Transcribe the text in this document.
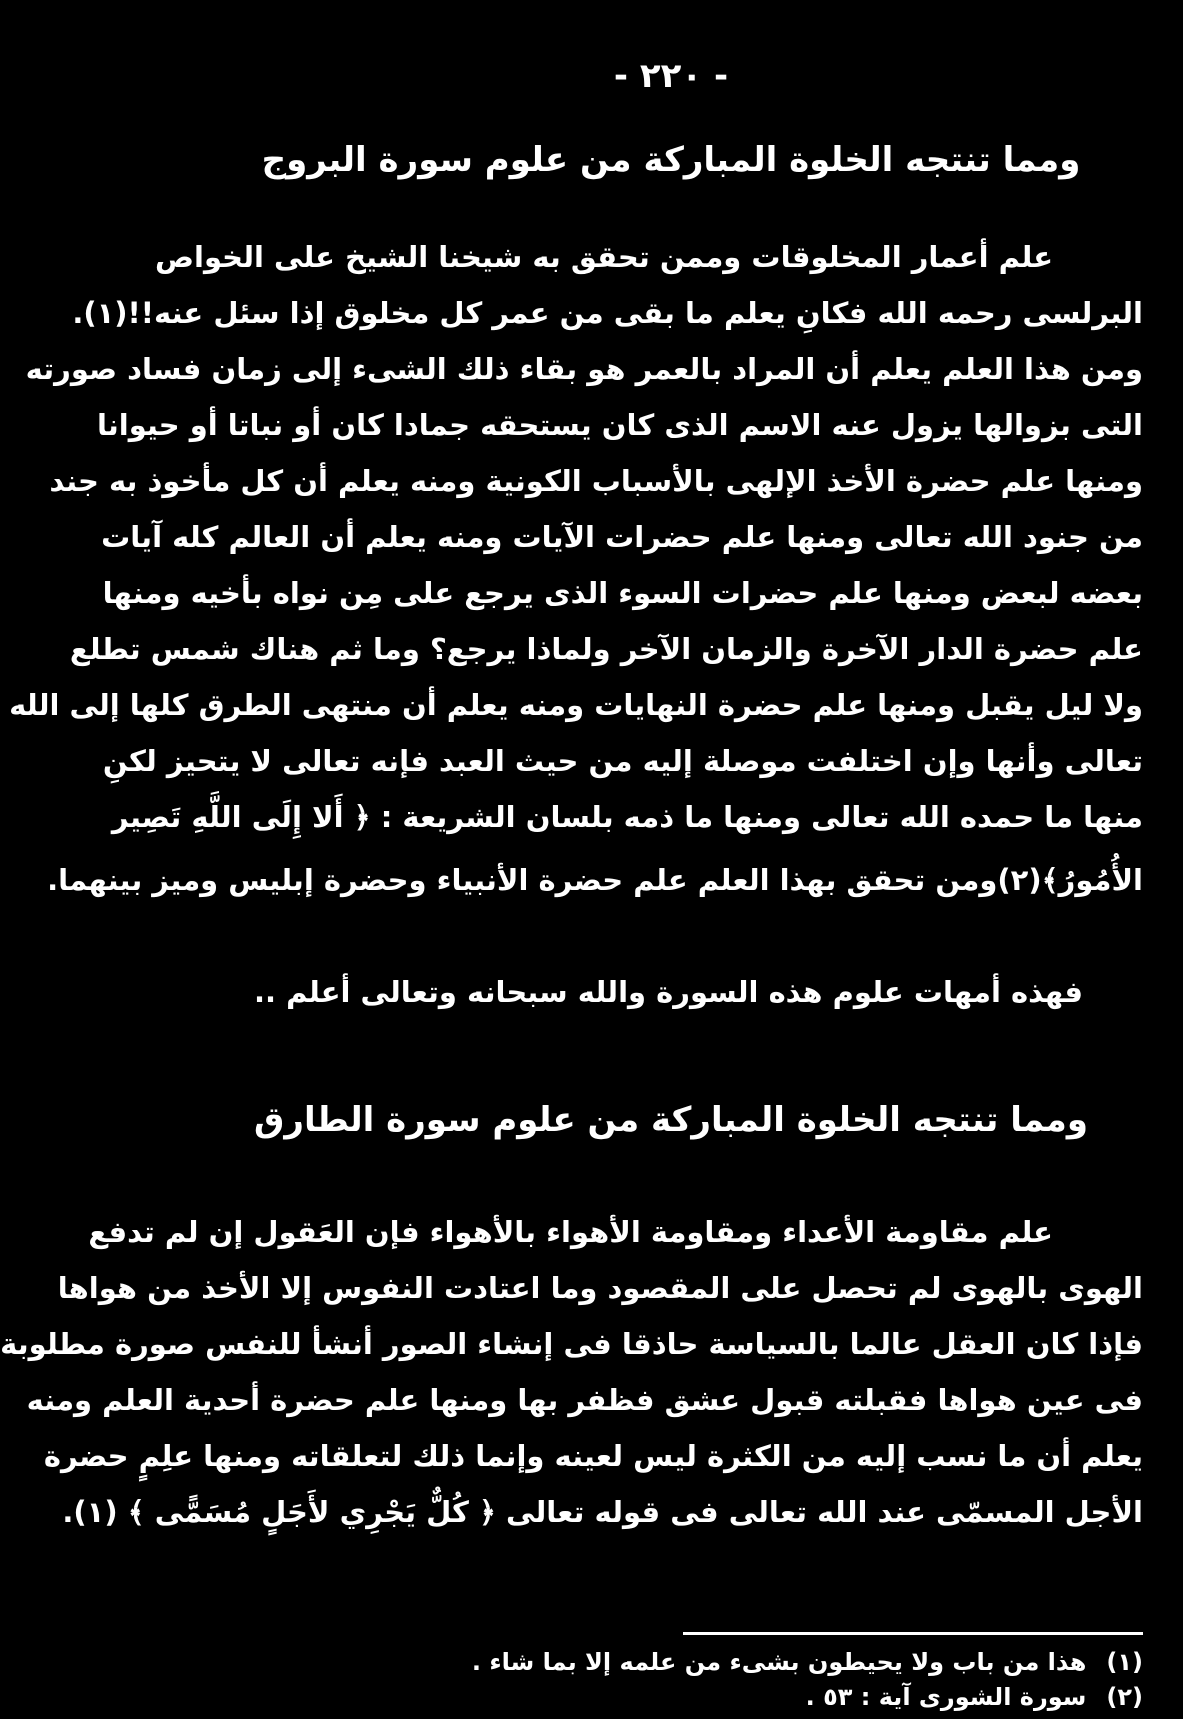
- ٢٢٠ -
ومما تنتجه الخلوة المباركة من علوم سورة البروج
علم أعمار المخلوقات وممن تحقق به شيخنا الشيخ على الخواص
البرلسى رحمه الله فكانِ يعلم ما بقى من عمر كل مخلوق إذا سئل عنه!!(١).
ومن هذا العلم يعلم أن المراد بالعمر هو بقاء ذلك الشىء إلى زمان فساد صورته
التى بزوالها يزول عنه الاسم الذى كان يستحقه جمادا كان أو نباتا أو حيوانا
ومنها علم حضرة الأخذ الإلهى بالأسباب الكونية ومنه يعلم أن كل مأخوذ به جند
من جنود الله تعالى ومنها علم حضرات الآيات ومنه يعلم أن العالم كله آيات
بعضه لبعض ومنها علم حضرات السوء الذى يرجع على مِن نواه بأخيه ومنها
علم حضرة الدار الآخرة والزمان الآخر ولماذا يرجع؟ وما ثم هناك شمس تطلع
ولا ليل يقبل ومنها علم حضرة النهايات ومنه يعلم أن منتهى الطرق كلها إلى الله
تعالى وأنها وإن اختلفت موصلة إليه من حيث العبد فإنه تعالى لا يتحيز لكنِ
منها ما حمده الله تعالى ومنها ما ذمه بلسان الشريعة : ﴿ أَلا إِلَى اللَّهِ تَصِير
الأُمُورُ﴾(٢)ومن تحقق بهذا العلم علم حضرة الأنبياء وحضرة إبليس وميز بينهما.
فهذه أمهات علوم هذه السورة والله سبحانه وتعالى أعلم ..
ومما تنتجه الخلوة المباركة من علوم سورة الطارق
علم مقاومة الأعداء ومقاومة الأهواء بالأهواء فإن العَقول إن لم تدفع
الهوى بالهوى لم تحصل على المقصود وما اعتادت النفوس إلا الأخذ من هواها
فإذا كان العقل عالما بالسياسة حاذقا فى إنشاء الصور أنشأ للنفس صورة مطلوبة
فى عين هواها فقبلته قبول عشق فظفر بها ومنها علم حضرة أحدية العلم ومنه
يعلم أن ما نسب إليه من الكثرة ليس لعينه وإنما ذلك لتعلقاته ومنها علِمٍ حضرة
الأجل المسمّى عند الله تعالى فى قوله تعالى ﴿ كُلٌّ يَجْرِي لأَجَلٍ مُسَمًّى ﴾ (١).
(١)هذا من باب ولا يحيطون بشىء من علمه إلا بما شاء .
(٢)سورة الشورى آية : ٥٣ .
